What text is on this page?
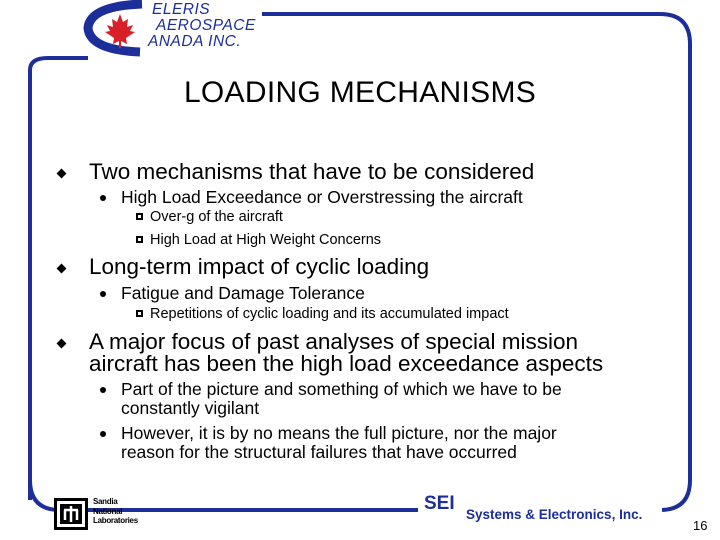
ELERIS
AEROSPACE
ANADA INC.
LOADING MECHANISMS
Two mechanisms that have to be considered
High Load Exceedance or Overstressing the aircraft
Over-g of the aircraft
High Load at High Weight Concerns
Long-term impact of cyclic loading
Fatigue and Damage Tolerance
Repetitions of cyclic loading and its accumulated impact
A major focus of past analyses of special mission
aircraft has been the high load exceedance aspects
Part of the picture and something of which we have to be
constantly vigilant
However, it is by no means the full picture, nor the major
reason for the structural failures that have occurred
Sandia
National
Laboratories
SEI
Systems & Electronics, Inc.
16
